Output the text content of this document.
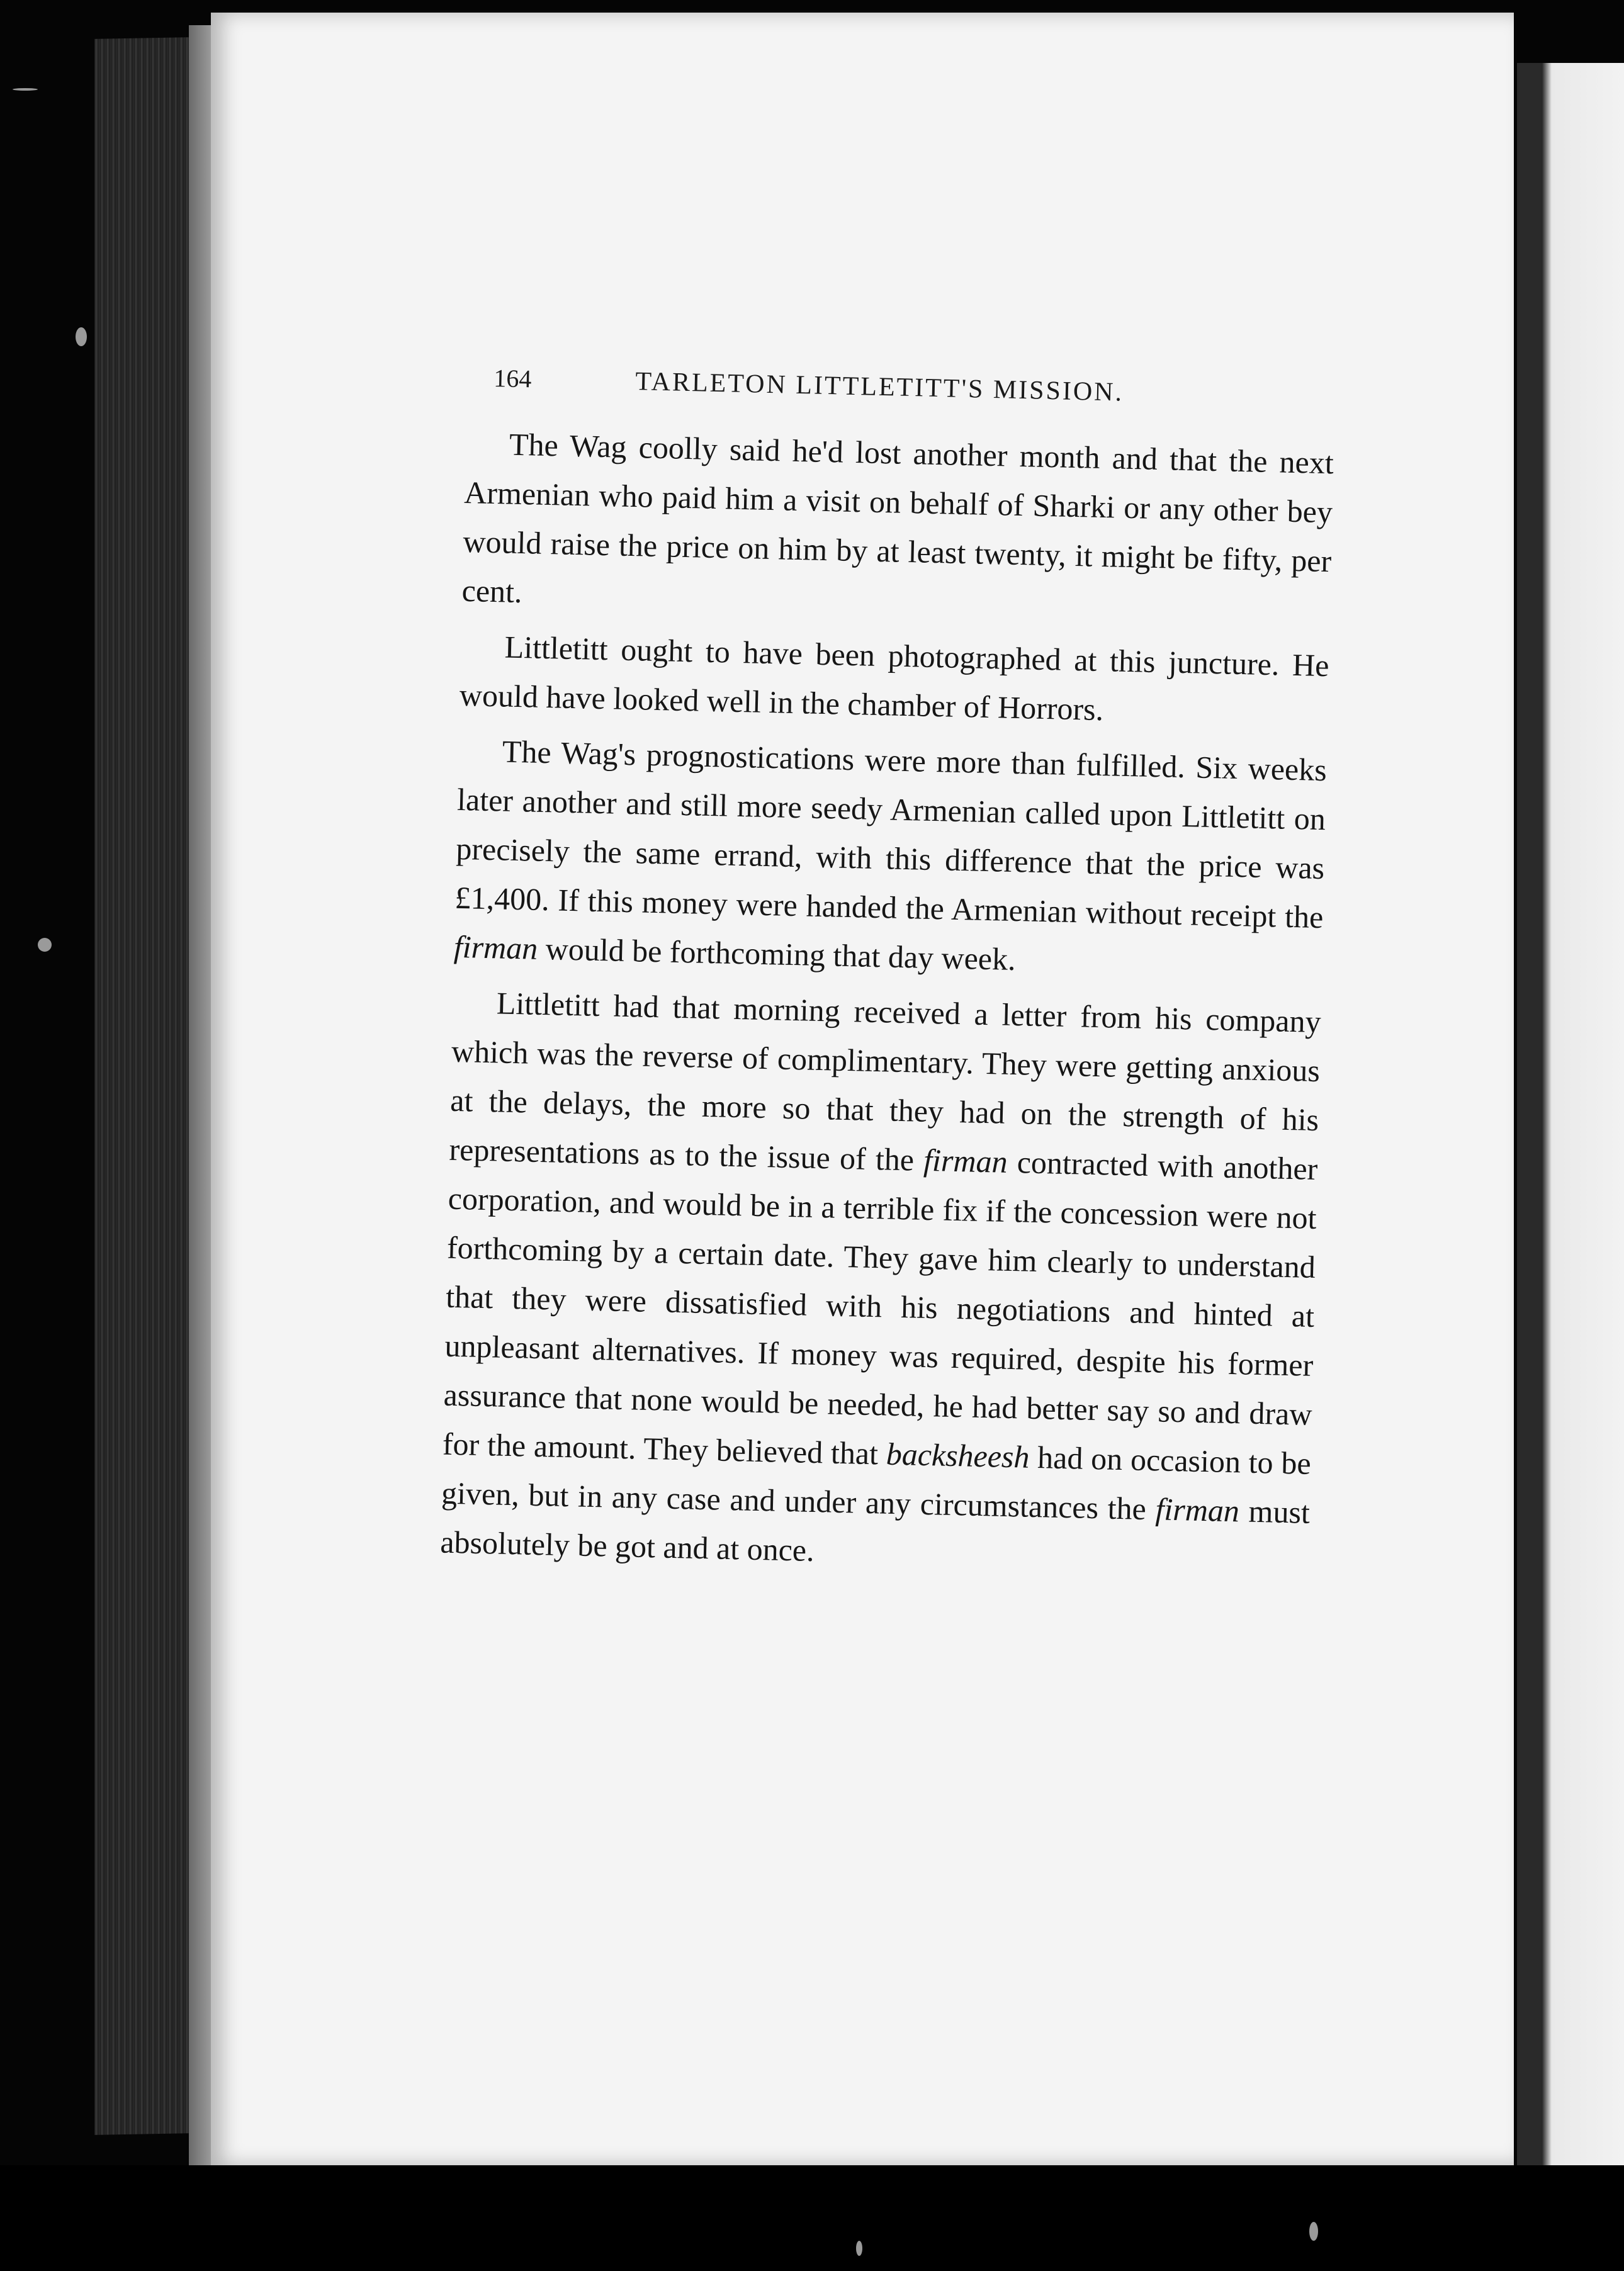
164	TARLETON LITTLETITT'S MISSION.

The Wag coolly said he'd lost another month and that the next Armenian who paid him a visit on behalf of Sharki or any other bey would raise the price on him by at least twenty, it might be fifty, per cent.

Littletitt ought to have been photographed at this juncture. He would have looked well in the chamber of Horrors.

The Wag's prognostications were more than fulfilled. Six weeks later another and still more seedy Armenian called upon Littletitt on precisely the same errand, with this difference that the price was £1,400. If this money were handed the Armenian without receipt the firman would be forthcoming that day week.

Littletitt had that morning received a letter from his company which was the reverse of complimentary. They were getting anxious at the delays, the more so that they had on the strength of his representations as to the issue of the firman contracted with another corporation, and would be in a terrible fix if the concession were not forthcoming by a certain date. They gave him clearly to understand that they were dissatisfied with his negotiations and hinted at unpleasant alternatives. If money was required, despite his former assurance that none would be needed, he had better say so and draw for the amount. They believed that backsheesh had on occasion to be given, but in any case and under any circumstances the firman must absolutely be got and at once.
